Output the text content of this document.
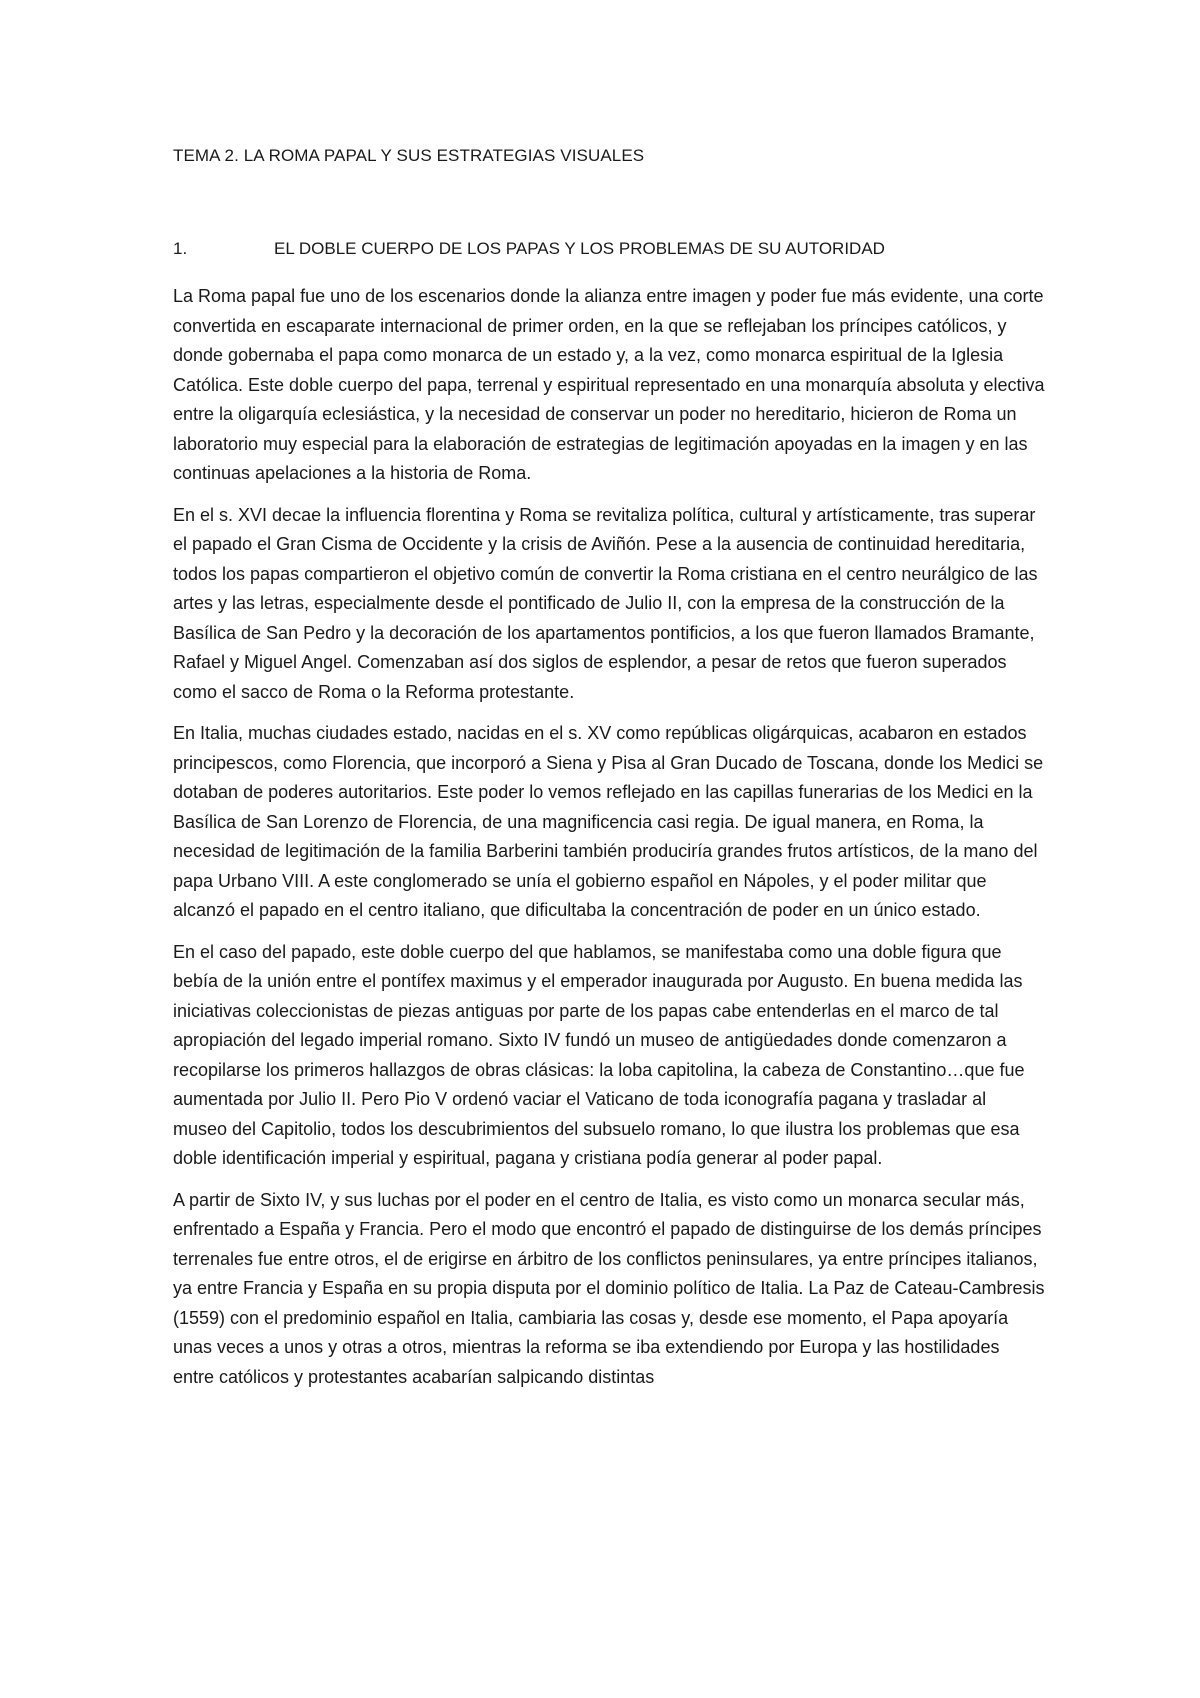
TEMA 2. LA ROMA PAPAL Y SUS ESTRATEGIAS VISUALES
1.	EL DOBLE CUERPO DE LOS PAPAS Y LOS PROBLEMAS DE SU AUTORIDAD

La Roma papal fue uno de los escenarios donde la alianza entre imagen y poder fue más evidente, una corte convertida en escaparate internacional de primer orden, en la que se reflejaban los príncipes católicos, y donde gobernaba el papa como monarca de un estado y, a la vez, como monarca espiritual de la Iglesia Católica. Este doble cuerpo del papa, terrenal y espiritual representado en una monarquía absoluta y electiva entre la oligarquía eclesiástica, y la necesidad de conservar un poder no hereditario, hicieron de Roma un laboratorio muy especial para la elaboración de estrategias de legitimación apoyadas en la imagen y en las continuas apelaciones a la historia de Roma.

En el s. XVI decae la influencia florentina y Roma se revitaliza política, cultural y artísticamente, tras superar el papado el Gran Cisma de Occidente y la crisis de Aviñón. Pese a la ausencia de continuidad hereditaria, todos los papas compartieron el objetivo común de convertir la Roma cristiana en el centro neurálgico de las artes y las letras, especialmente desde el pontificado de Julio II, con la empresa de la construcción de la Basílica de San Pedro y la decoración de los apartamentos pontificios, a los que fueron llamados Bramante, Rafael y Miguel Angel. Comenzaban así dos siglos de esplendor, a pesar de retos que fueron superados como el sacco de Roma o la Reforma protestante.

En Italia, muchas ciudades estado, nacidas en el s. XV como repúblicas oligárquicas, acabaron en estados principescos, como Florencia, que incorporó a Siena y Pisa al Gran Ducado de Toscana, donde los Medici se dotaban de poderes autoritarios. Este poder lo vemos reflejado en las capillas funerarias de los Medici en la Basílica de San Lorenzo de Florencia, de una magnificencia casi regia. De igual manera, en Roma, la necesidad de legitimación de la familia Barberini también produciría grandes frutos artísticos, de la mano del papa Urbano VIII. A este conglomerado se unía el gobierno español en Nápoles, y el poder militar que alcanzó el papado en el centro italiano, que dificultaba la concentración de poder en un único estado.

En el caso del papado, este doble cuerpo del que hablamos, se manifestaba como una doble figura que bebía de la unión entre el pontífex maximus y el emperador inaugurada por Augusto. En buena medida las iniciativas coleccionistas de piezas antiguas por parte de los papas cabe entenderlas en el marco de tal apropiación del legado imperial romano. Sixto IV fundó un museo de antigüedades donde comenzaron a recopilarse los primeros hallazgos de obras clásicas: la loba capitolina, la cabeza de Constantino…que fue aumentada por Julio II. Pero Pio V ordenó vaciar el Vaticano de toda iconografía pagana y trasladar al museo del Capitolio, todos los descubrimientos del subsuelo romano, lo que ilustra los problemas que esa doble identificación imperial y espiritual, pagana y cristiana podía generar al poder papal.

A partir de Sixto IV, y sus luchas por el poder en el centro de Italia, es visto como un monarca secular más, enfrentado a España y Francia. Pero el modo que encontró el papado de distinguirse de los demás príncipes terrenales fue entre otros, el de erigirse en árbitro de los conflictos peninsulares, ya entre príncipes italianos, ya entre Francia y España en su propia disputa por el dominio político de Italia. La Paz de Cateau-Cambresis (1559) con el predominio español en Italia, cambiaria las cosas y, desde ese momento, el Papa apoyaría unas veces a unos y otras a otros, mientras la reforma se iba extendiendo por Europa y las hostilidades entre católicos y protestantes acabarían salpicando distintas
